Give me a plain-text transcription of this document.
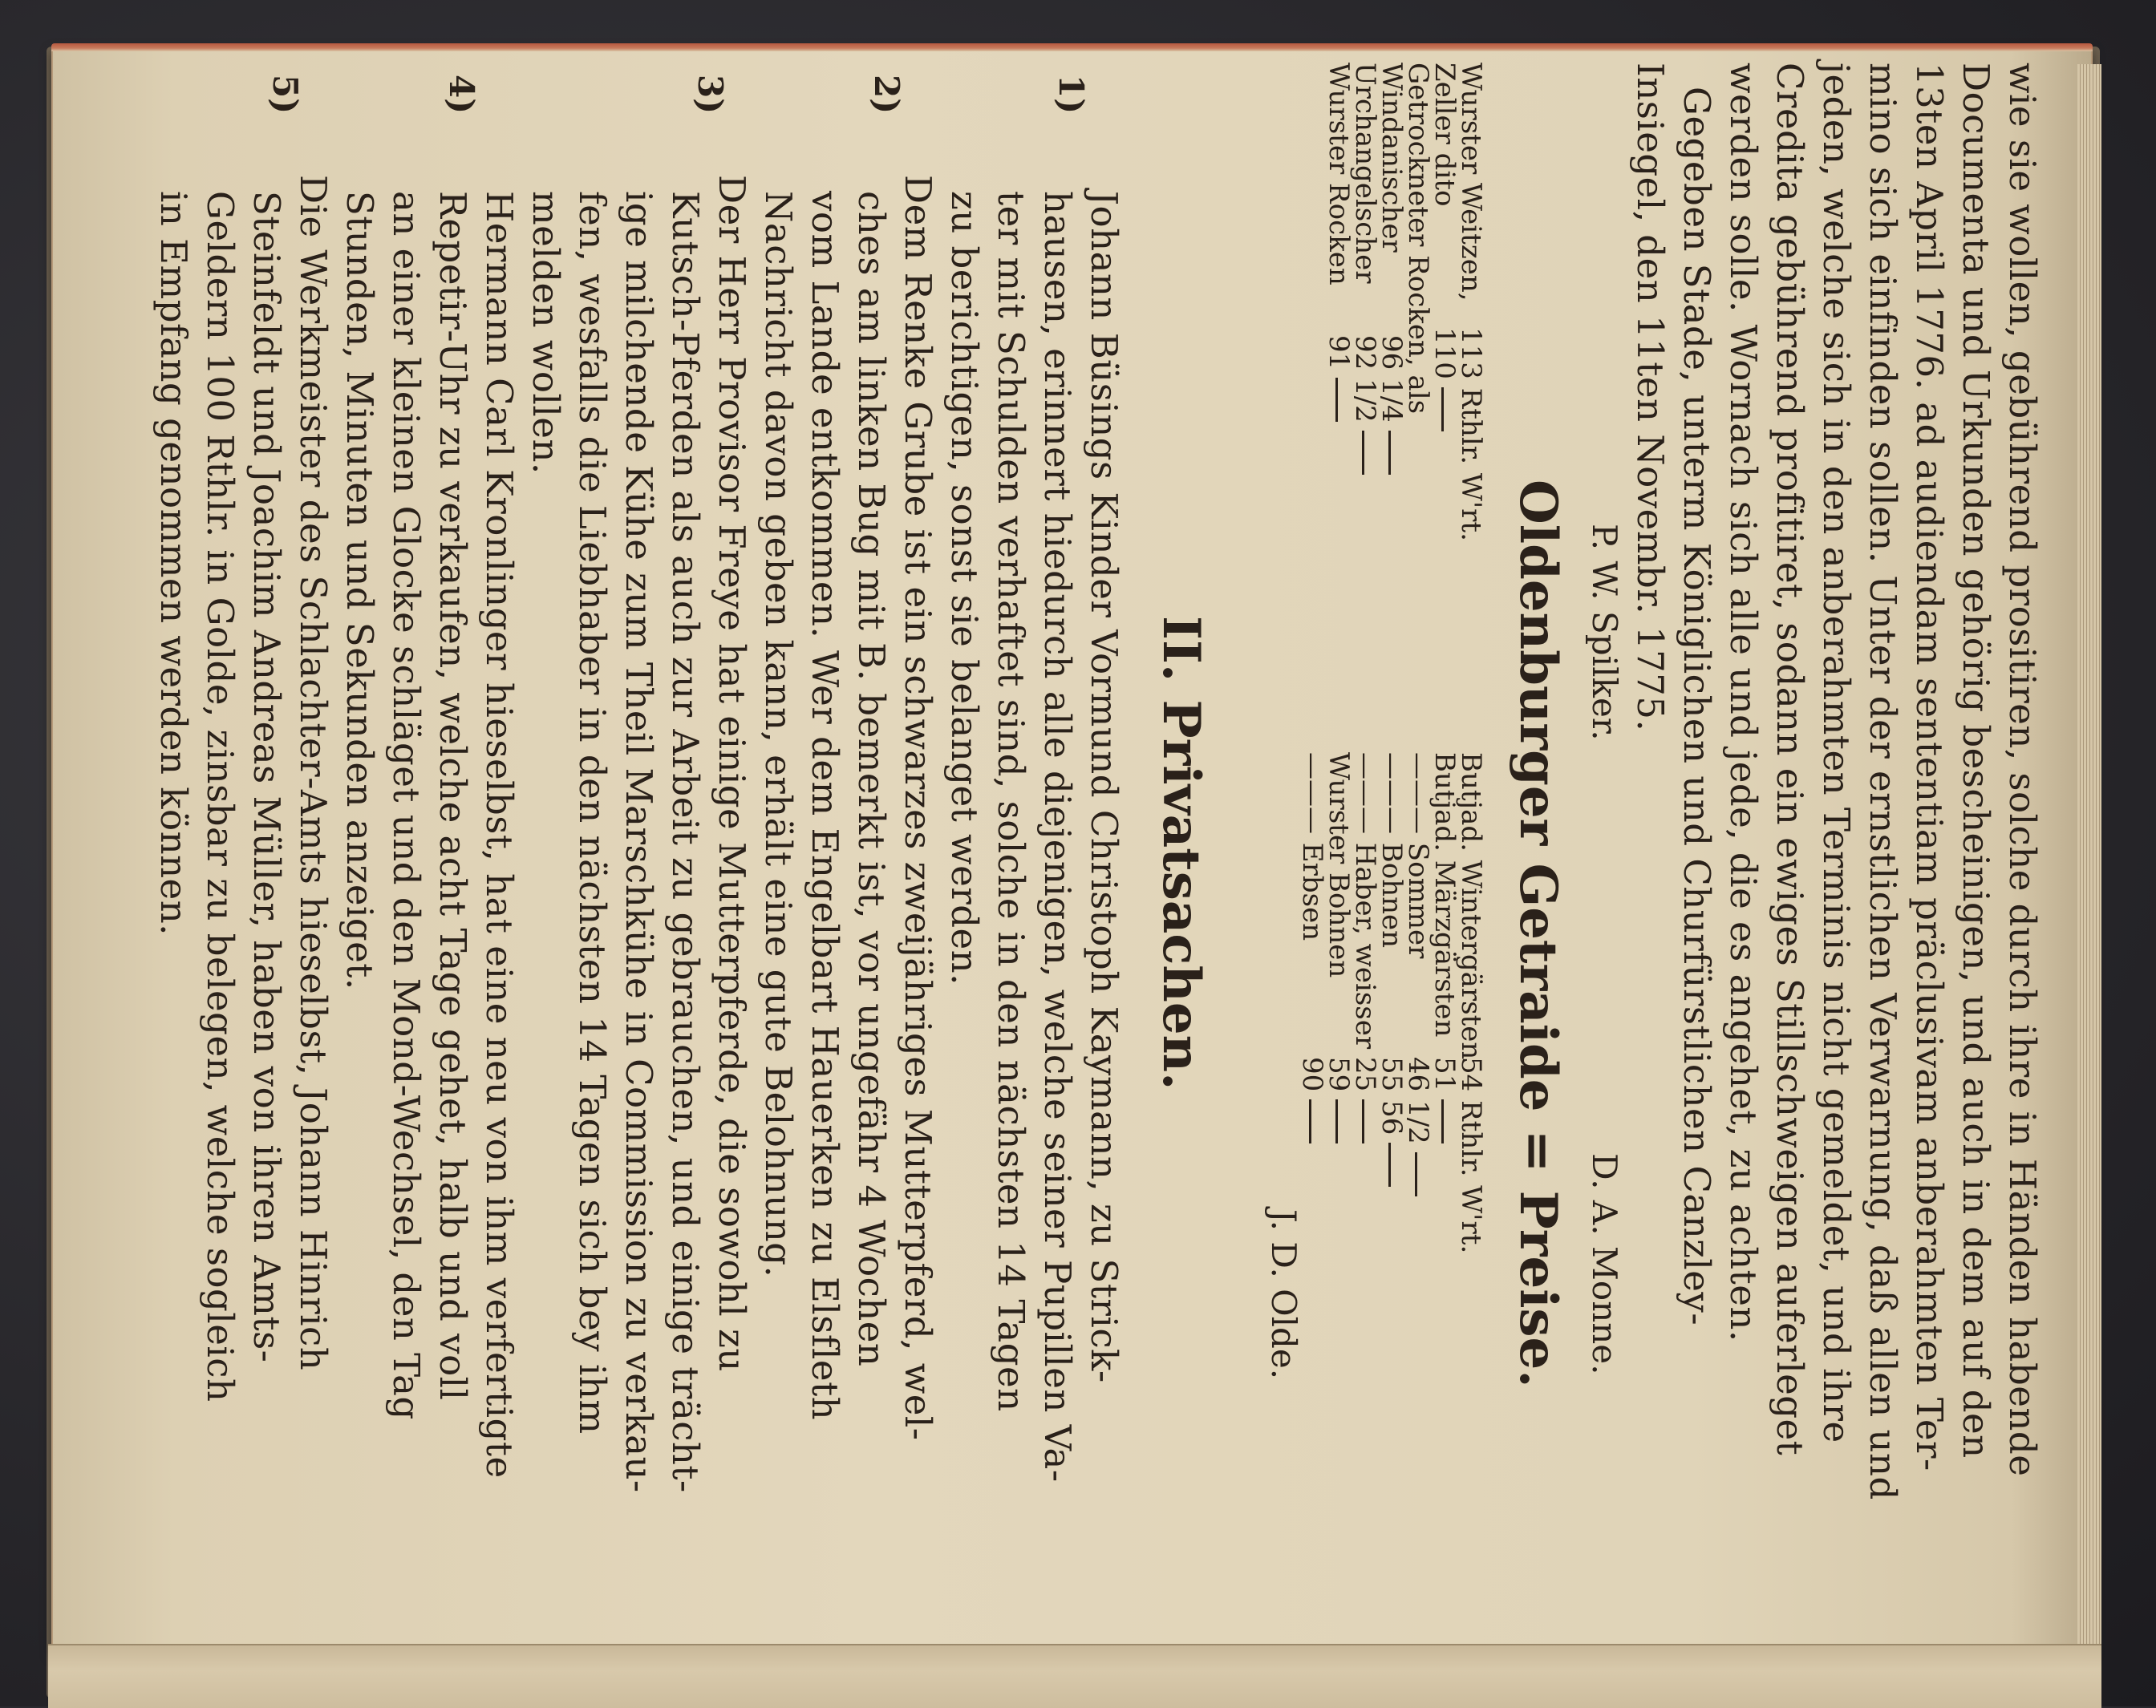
wie sie wollen, gebührend prositiren, solche durch ihre in Händen habende
Documenta und Urkunden gehörig bescheinigen, und auch in dem auf den
13ten April 1776. ad audiendam sententiam präclusivam anberahmten Ter-
mino sich einfinden sollen. Unter der ernstlichen Verwarnung, daß allen und
jeden, welche sich in den anberahmten Terminis nicht gemeldet, und ihre
Credita gebührend profitiret, sodann ein ewiges Stillschweigen auferleget
werden solle. Wornach sich alle und jede, die es angehet, zu achten.
Gegeben Stade, unterm Königlichen und Churfürstlichen Canzley-
Insiegel, den 11ten Novembr. 1775.
P. W. Spilker.
D. A. Monne.
Oldenburger Getraide = Preise.
Wurster Weitzen,
113 Rthlr. W'rt.
Zeller dito
110
Getrockneter Rocken, als
Windanischer
96 1/4
Urchangelscher
92 1/2
Wurster Rocken
91
Butjad. Wintergärsten
54 Rthlr. W'rt.
Butjad. Märzgärsten
51
——— Sommer
46 1/2
——— Bohnen
55 56
——— Haber, weisser
25
Wurster Bohnen
59
——— Erbsen
90
J. D. Olde.
II. Privatsachen.
1)
Johann Büsings Kinder Vormund Christoph Kaymann, zu Strick-
hausen, erinnert hiedurch alle diejenigen, welche seiner Pupillen Va-
ter mit Schulden verhaftet sind, solche in den nächsten 14 Tagen
zu berichtigen, sonst sie belanget werden.
2)
Dem Renke Grube ist ein schwarzes zweijähriges Mutterpferd, wel-
ches am linken Bug mit B. bemerkt ist, vor ungefähr 4 Wochen
vom Lande entkommen. Wer dem Engelbart Hauerken zu Elsfleth
Nachricht davon geben kann, erhält eine gute Belohnung.
3)
Der Herr Provisor Freye hat einige Mutterpferde, die sowohl zu
Kutsch-Pferden als auch zur Arbeit zu gebrauchen, und einige trächt-
ige milchende Kühe zum Theil Marschkühe in Commission zu verkau-
fen, wesfalls die Liebhaber in den nächsten 14 Tagen sich bey ihm
melden wollen.
4)
Hermann Carl Kronlinger hieselbst, hat eine neu von ihm verfertigte
Repetir-Uhr zu verkaufen, welche acht Tage gehet, halb und voll
an einer kleinen Glocke schläget und den Mond-Wechsel, den Tag
Stunden, Minuten und Sekunden anzeiget.
5)
Die Werkmeister des Schlachter-Amts hieselbst, Johann Hinrich
Steinfeldt und Joachim Andreas Müller, haben von ihren Amts-
Geldern 100 Rthlr. in Golde, zinsbar zu belegen, welche sogleich
in Empfang genommen werden können.
